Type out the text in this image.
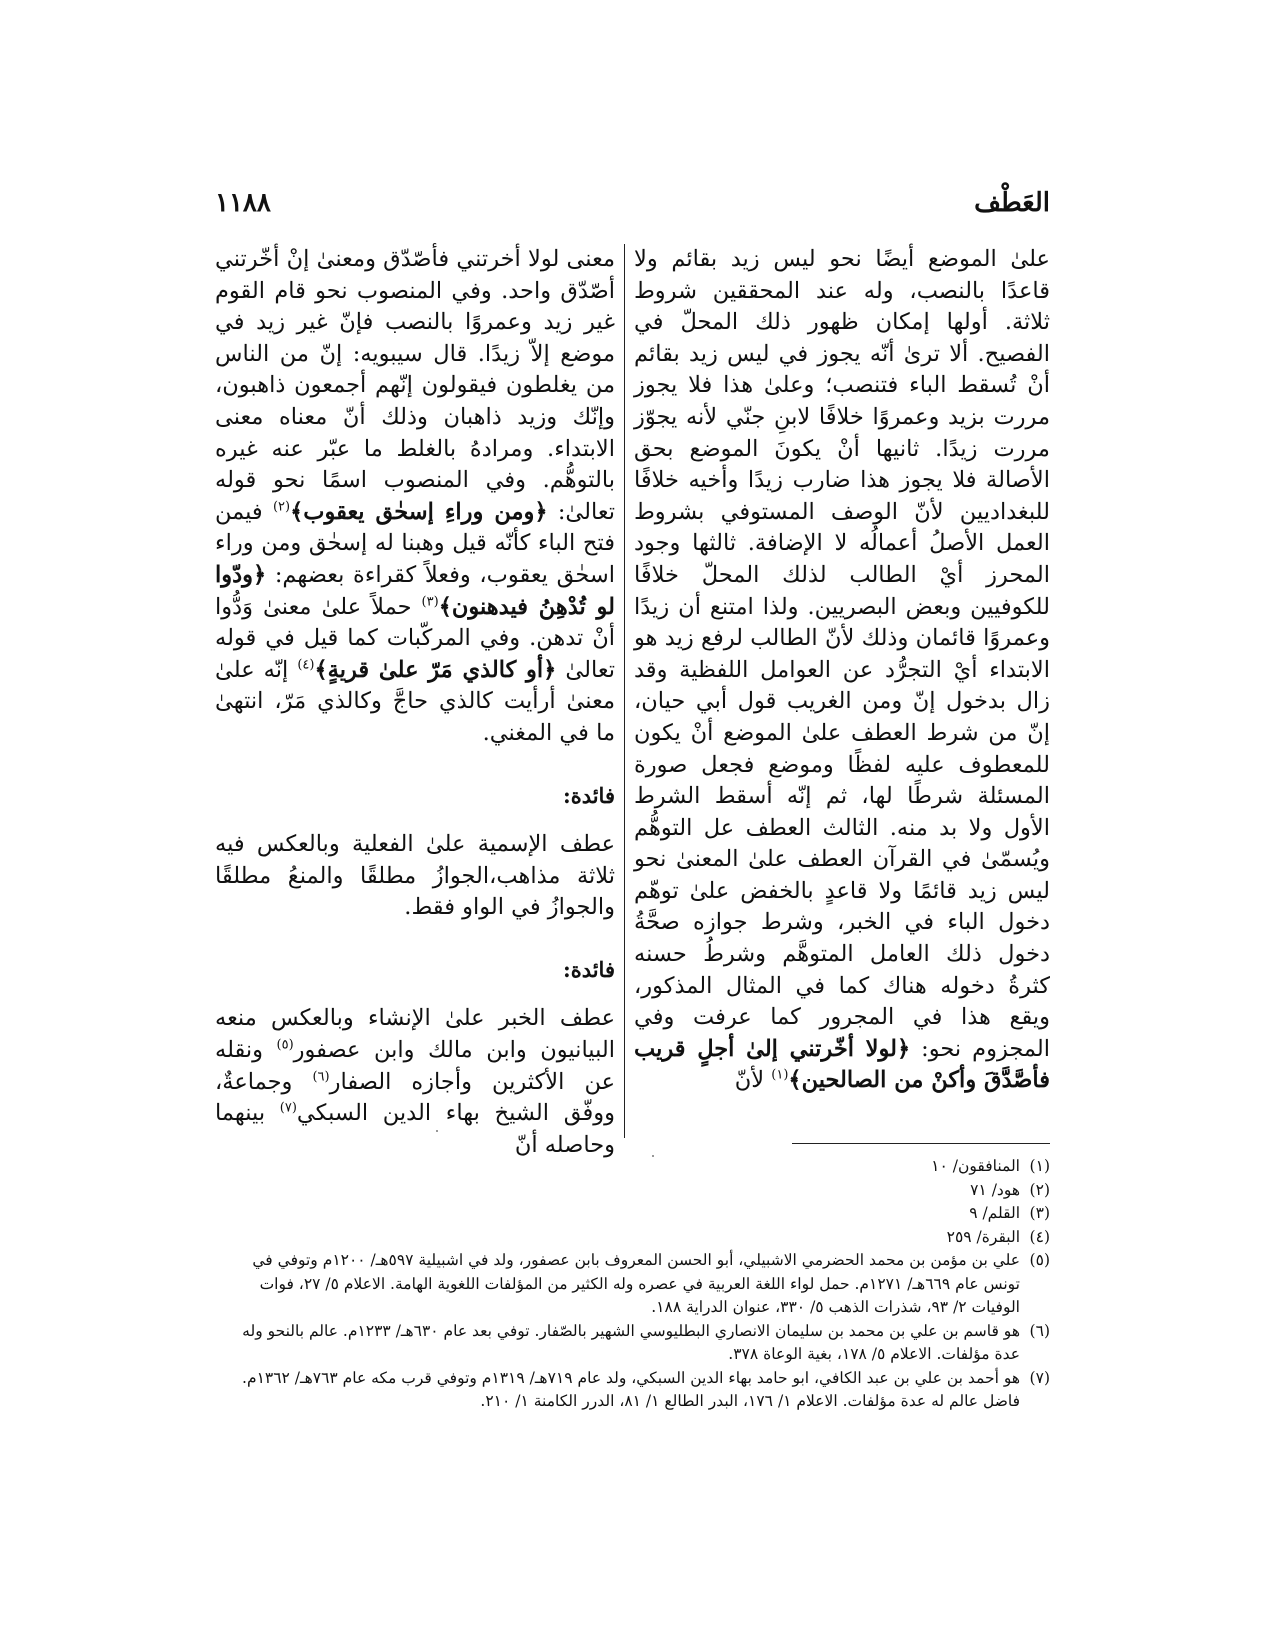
العَطْف
١١٨٨

علىٰ الموضع أيضًا نحو ليس زيد بقائم ولا قاعدًا بالنصب، وله عند المحققين شروط ثلاثة. أولها إمكان ظهور ذلك المحلّ في الفصيح. ألا ترىٰ أنّه يجوز في ليس زيد بقائم أنْ تُسقط الباء فتنصب؛ وعلىٰ هذا فلا يجوز مررت بزيد وعمروًا خلافًا لابنِ جنّي لأنه يجوّز مررت زيدًا. ثانيها أنْ يكونَ الموضع بحق الأصالة فلا يجوز هذا ضارب زيدًا وأخيه خلافًا للبغداديين لأنّ الوصف المستوفي بشروط العمل الأصلُ أعمالُه لا الإضافة. ثالثها وجود المحرز أيْ الطالب لذلك المحلّ خلافًا للكوفيين وبعض البصريين. ولذا امتنع أن زيدًا وعمروًا قائمان وذلك لأنّ الطالب لرفع زيد هو الابتداء أيْ التجرُّد عن العوامل اللفظية وقد زال بدخول إنّ ومن الغريب قول أبي حيان، إنّ من شرط العطف علىٰ الموضع أنْ يكون للمعطوف عليه لفظًا وموضع فجعل صورة المسئلة شرطًا لها، ثم إنّه أسقط الشرط الأول ولا بد منه. الثالث العطف عل التوهُّم ويُسمّىٰ في القرآن العطف علىٰ المعنىٰ نحو ليس زيد قائمًا ولا قاعدٍ بالخفض علىٰ توهّم دخول الباء في الخبر، وشرط جوازه صحَّةُ دخول ذلك العامل المتوهَّم وشرطُ حسنه كثرةُ دخوله هناك كما في المثال المذكور، ويقع هذا في المجرور كما عرفت وفي المجزوم نحو: ﴿لولا أخّرتني إلىٰ أجلٍ قريب فأصَّدَّقَ وأكنْ من الصالحين﴾$^{(١)}$ لأنّ

معنى لولا أخرتني فأصّدّق ومعنىٰ إنْ أخّرتني أصّدّق واحد. وفي المنصوب نحو قام القوم غير زيد وعمروًا بالنصب فإنّ غير زيد في موضع إلاّ زيدًا. قال سيبويه: إنّ من الناس من يغلطون فيقولون إنّهم أجمعون ذاهبون، وإنّك وزيد ذاهبان وذلك أنّ معناه معنى الابتداء. ومرادهُ بالغلط ما عبّر عنه غيره بالتوهُّم. وفي المنصوب اسمًا نحو قوله تعالىٰ: ﴿ومن وراءِ إسحٰق يعقوب﴾$^{(٢)}$ فيمن فتح الباء كأنّه قيل وهبنا له إسحٰق ومن وراء اسحٰق يعقوب، وفعلاً كقراءة بعضهم: ﴿ودّوا لو تُدْهِنُ فيدهنون﴾$^{(٣)}$ حملاً علىٰ معنىٰ وَدُّوا أنْ تدهن. وفي المركّبات كما قيل في قوله تعالىٰ ﴿أو كالذي مَرّ علىٰ قريةٍ﴾$^{(٤)}$ إنّه علىٰ معنىٰ أرأيت كالذي حاجَّ وكالذي مَرّ، انتهىٰ ما في المغني.

فائدة:

عطف الإسمية علىٰ الفعلية وبالعكس فيه ثلاثة مذاهب،الجوازُ مطلقًا والمنعُ مطلقًا والجوازُ في الواو فقط.

فائدة:

عطف الخبر علىٰ الإنشاء وبالعكس منعه البيانيون وابن مالك وابن عصفور$^{(٥)}$ ونقله عن الأكثرين وأجازه الصفار$^{(٦)}$ وجماعةٌ، ووفّق الشيخ بهاء الدين السبكي$^{(٧)}$ بينهما وحاصله أنّ

(١)
المنافقون/ ١٠

(٢)
هود/ ٧١

(٣)
القلم/ ٩

(٤)
البقرة/ ٢٥٩

(٥)
علي بن مؤمن بن محمد الحضرمي الاشبيلي، أبو الحسن المعروف بابن عصفور، ولد في اشبيلية ٥٩٧هـ/ ١٢٠٠م وتوفي في تونس عام ٦٦٩هـ/ ١٢٧١م. حمل لواء اللغة العربية في عصره وله الكثير من المؤلفات اللغوية الهامة. الاعلام ٥/ ٢٧، فوات الوفيات ٢/ ٩٣، شذرات الذهب ٥/ ٣٣٠، عنوان الدراية ١٨٨.

(٦)
هو قاسم بن علي بن محمد بن سليمان الانصاري البطليوسي الشهير بالصّفار. توفي بعد عام ٦٣٠هـ/ ١٢٣٣م. عالم بالنحو وله عدة مؤلفات. الاعلام ٥/ ١٧٨، بغية الوعاة ٣٧٨.

(٧)
هو أحمد بن علي بن عبد الكافي، ابو حامد بهاء الدين السبكي، ولد عام ٧١٩هـ/ ١٣١٩م وتوفي قرب مكه عام ٧٦٣هـ/ ١٣٦٢م. فاضل عالم له عدة مؤلفات. الاعلام ١/ ١٧٦، البدر الطالع ١/ ٨١، الدرر الكامنة ١/ ٢١٠.
